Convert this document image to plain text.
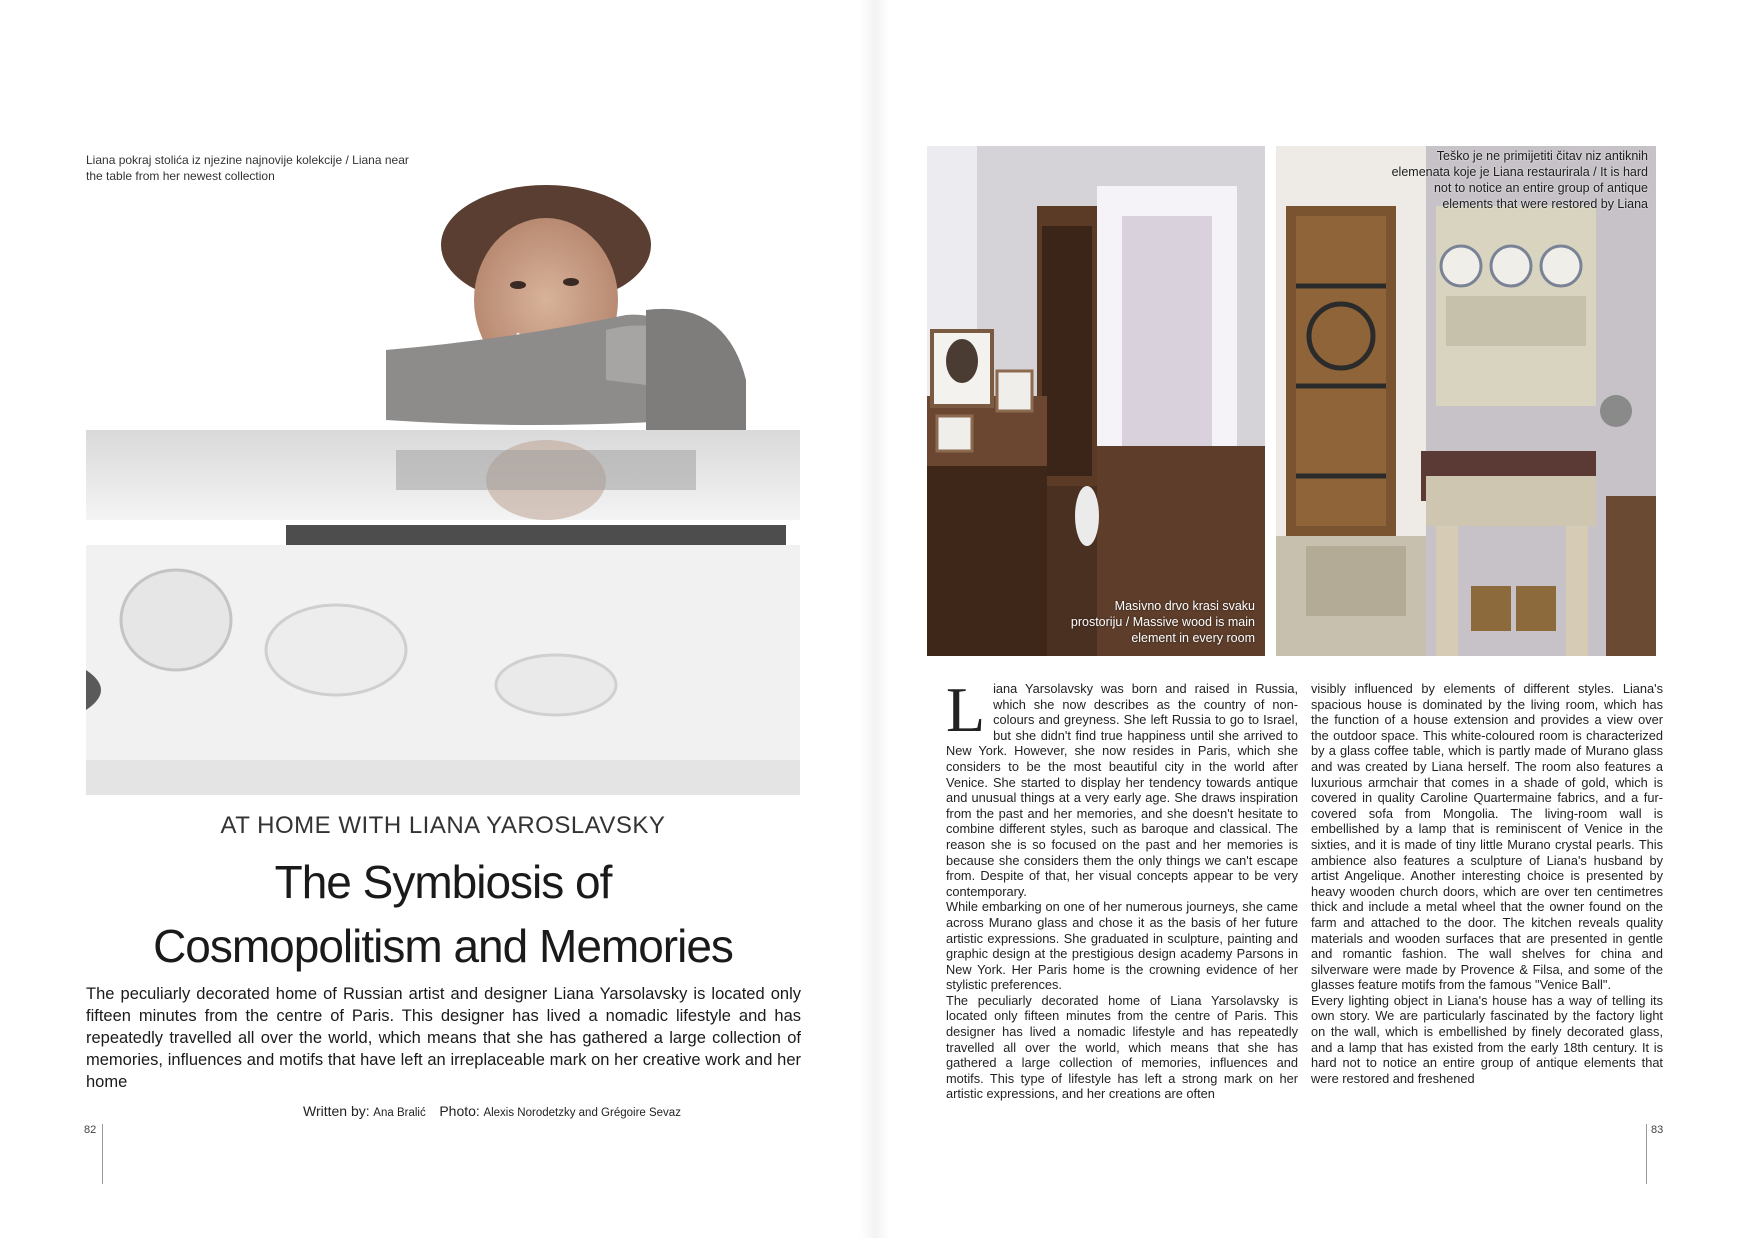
Liana pokraj stolića iz njezine najnovije kolekcije / Liana near the table from her newest collection
AT HOME WITH LIANA YAROSLAVSKY
The Symbiosis of
Cosmopolitism and Memories
The peculiarly decorated home of Russian artist and designer Liana Yarsolavsky is located only fifteen minutes from the centre of Paris. This designer has lived a nomadic lifestyle and has repeatedly travelled all over the world, which means that she has gathered a large collection of memories, influences and motifs that have left an irreplaceable mark on her creative work and her home
Written by: Ana Bralić Photo: Alexis Norodetzky and Grégoire Sevaz
82
Masivno drvo krasi svaku prostoriju / Massive wood is main element in every room
Teško je ne primijetiti čitav niz antiknih elemenata koje je Liana restaurirala / It is hard not to notice an entire group of antique elements that were restored by Liana

Liana Yarsolavsky was born and raised in Russia, which she now describes as the country of non-colours and greyness. She left Russia to go to Israel, but she didn't find true happiness until she arrived to New York. However, she now resides in Paris, which she considers to be the most beautiful city in the world after Venice. She started to display her tendency towards antique and unusual things at a very early age. She draws inspiration from the past and her memories, and she doesn't hesitate to combine different styles, such as baroque and classical. The reason she is so focused on the past and her memories is because she considers them the only things we can't escape from. Despite of that, her visual concepts appear to be very contemporary.

While embarking on one of her numerous journeys, she came across Murano glass and chose it as the basis of her future artistic expressions. She graduated in sculpture, painting and graphic design at the prestigious design academy Parsons in New York. Her Paris home is the crowning evidence of her stylistic preferences.

The peculiarly decorated home of Liana Yarsolavsky is located only fifteen minutes from the centre of Paris. This designer has lived a nomadic lifestyle and has repeatedly travelled all over the world, which means that she has gathered a large collection of memories, influences and motifs. This type of lifestyle has left a strong mark on her artistic expressions, and her creations are often

visibly influenced by elements of different styles. Liana's spacious house is dominated by the living room, which has the function of a house extension and provides a view over the outdoor space. This white-coloured room is characterized by a glass coffee table, which is partly made of Murano glass and was created by Liana herself. The room also features a luxurious armchair that comes in a shade of gold, which is covered in quality Caroline Quartermaine fabrics, and a fur-covered sofa from Mongolia. The living-room wall is embellished by a lamp that is reminiscent of Venice in the sixties, and it is made of tiny little Murano crystal pearls. This ambience also features a sculpture of Liana's husband by artist Angelique. Another interesting choice is presented by heavy wooden church doors, which are over ten centimetres thick and include a metal wheel that the owner found on the farm and attached to the door. The kitchen reveals quality materials and wooden surfaces that are presented in gentle and romantic fashion. The wall shelves for china and silverware were made by Provence & Filsa, and some of the glasses feature motifs from the famous "Venice Ball".

Every lighting object in Liana's house has a way of telling its own story. We are particularly fascinated by the factory light on the wall, which is embellished by finely decorated glass, and a lamp that has existed from the early 18th century. It is hard not to notice an entire group of antique elements that were restored and freshened

83
